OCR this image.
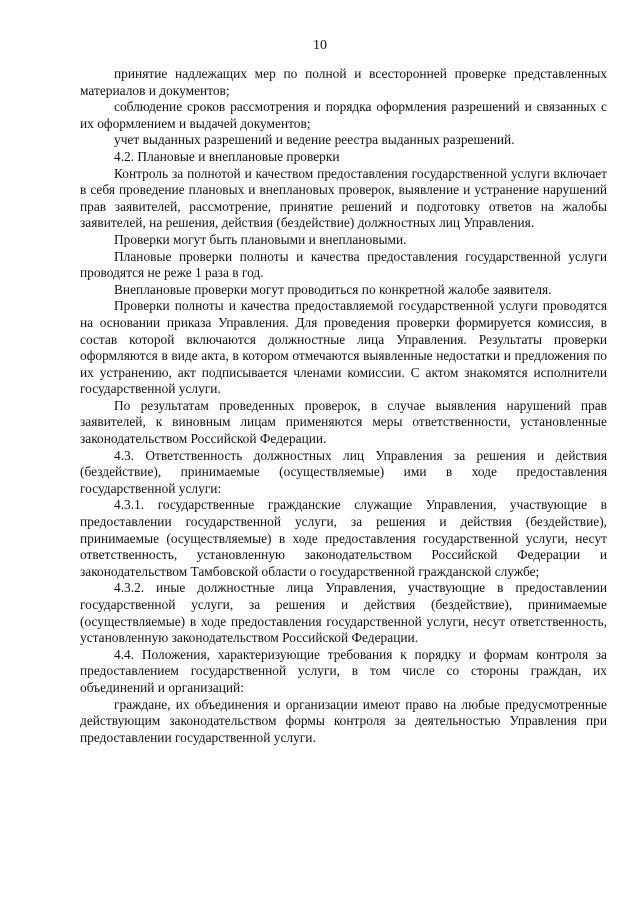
10

принятие надлежащих мер по полной и всесторонней проверке представленных материалов и документов;

соблюдение сроков рассмотрения и порядка оформления разрешений и связанных с их оформлением и выдачей документов;

учет выданных разрешений и ведение реестра выданных разрешений.

4.2. Плановые и внеплановые проверки

Контроль за полнотой и качеством предоставления государственной услуги включает в себя проведение плановых и внеплановых проверок, выявление и устранение нарушений прав заявителей, рассмотрение, принятие решений и подготовку ответов на жалобы заявителей, на решения, действия (бездействие) должностных лиц Управления.

Проверки могут быть плановыми и внеплановыми.

Плановые проверки полноты и качества предоставления государственной услуги проводятся не реже 1 раза в год.

Внеплановые проверки могут проводиться по конкретной жалобе заявителя.

Проверки полноты и качества предоставляемой государственной услуги проводятся на основании приказа Управления. Для проведения проверки формируется комиссия, в состав которой включаются должностные лица Управления. Результаты проверки оформляются в виде акта, в котором отмечаются выявленные недостатки и предложения по их устранению, акт подписывается членами комиссии. С актом знакомятся исполнители государственной услуги.

По результатам проведенных проверок, в случае выявления нарушений прав заявителей, к виновным лицам применяются меры ответственности, установленные законодательством Российской Федерации.

4.3. Ответственность должностных лиц Управления за решения и действия (бездействие), принимаемые (осуществляемые) ими в ходе предоставления государственной услуги:

4.3.1. государственные гражданские служащие Управления, участвующие в предоставлении государственной услуги, за решения и действия (бездействие), принимаемые (осуществляемые) в ходе предоставления государственной услуги, несут ответственность, установленную законодательством Российской Федерации и законодательством Тамбовской области о государственной гражданской службе;

4.3.2. иные должностные лица Управления, участвующие в предоставлении государственной услуги, за решения и действия (бездействие), принимаемые (осуществляемые) в ходе предоставления государственной услуги, несут ответственность, установленную законодательством Российской Федерации.

4.4. Положения, характеризующие требования к порядку и формам контроля за предоставлением государственной услуги, в том числе со стороны граждан, их объединений и организаций:

граждане, их объединения и организации имеют право на любые предусмотренные действующим законодательством формы контроля за деятельностью Управления при предоставлении государственной услуги.
